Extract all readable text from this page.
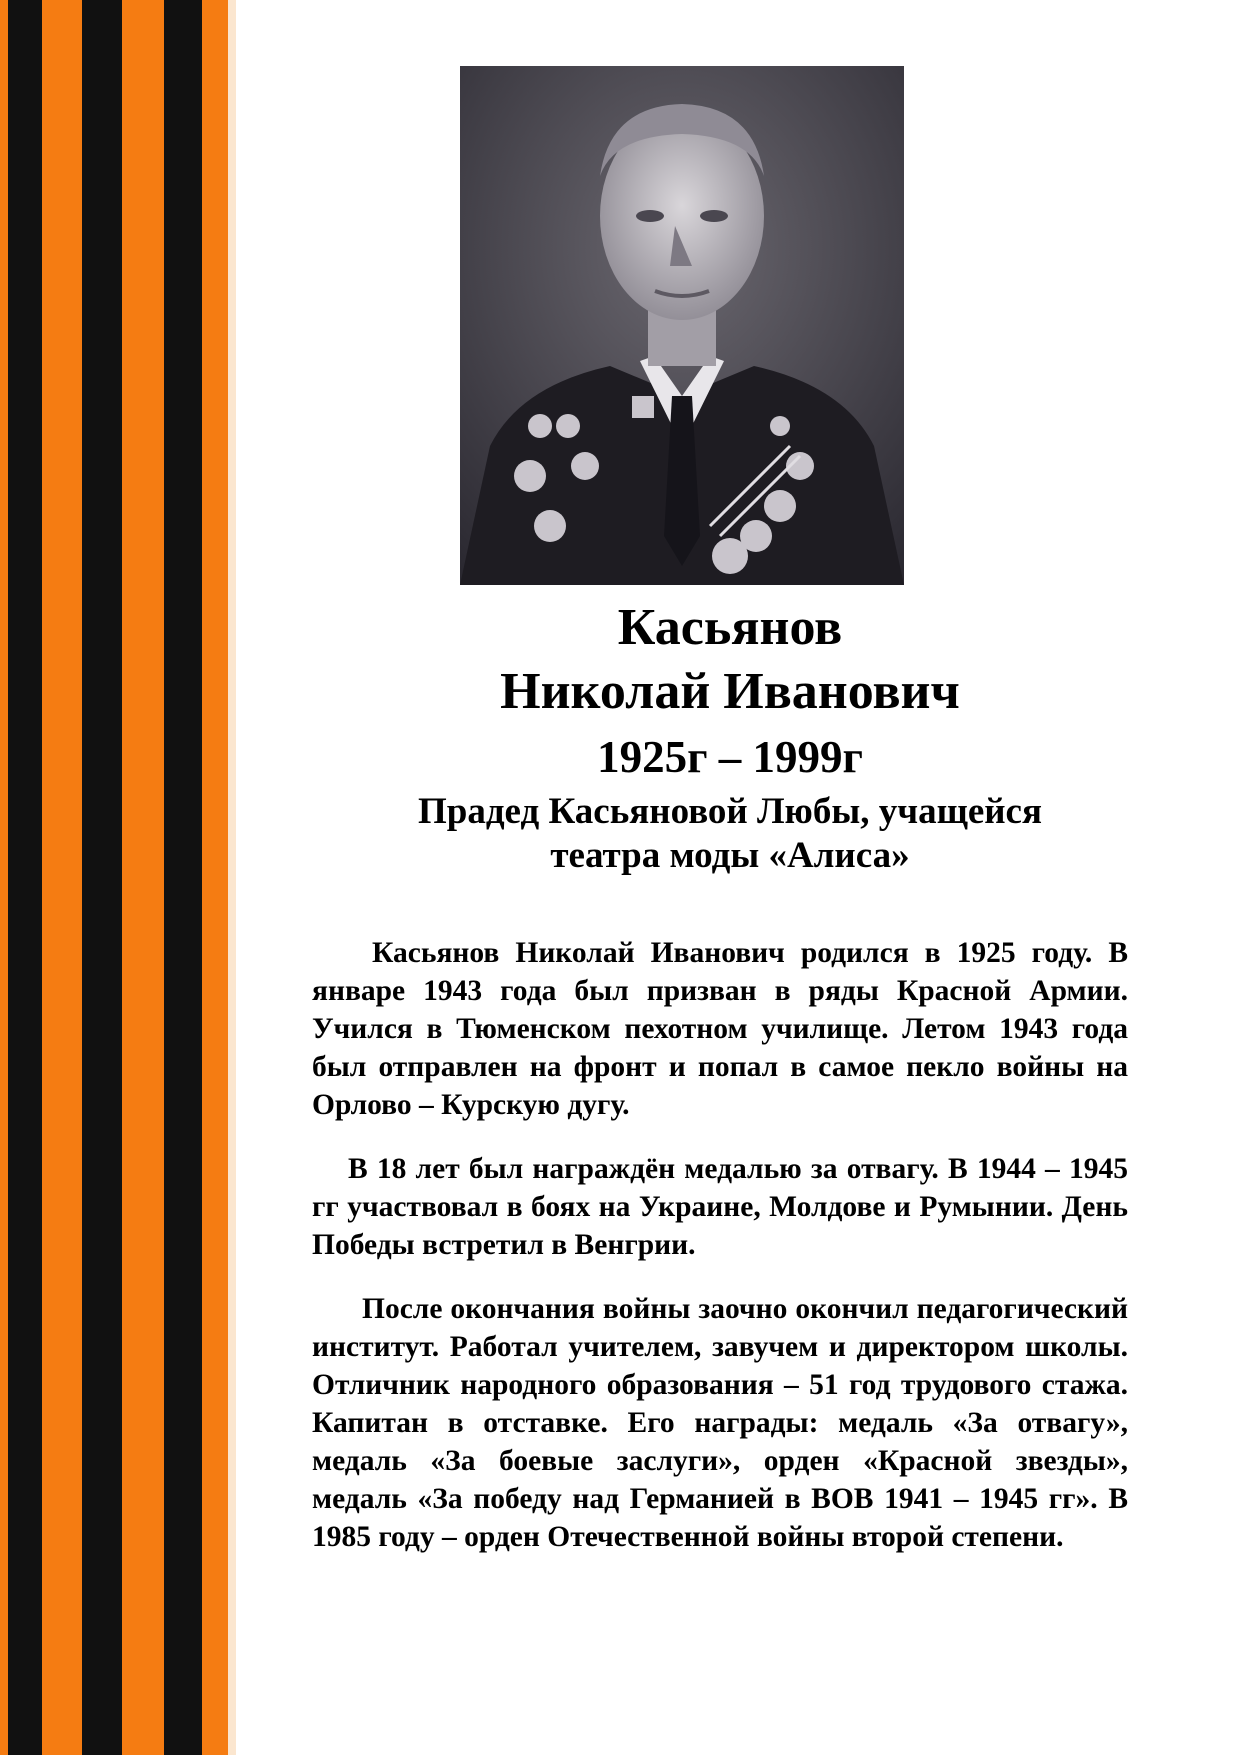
Касьянов
Николай Иванович
1925г – 1999г
Прадед Касьяновой Любы, учащейся
театра моды «Алиса»

Касьянов Николай Иванович родился в 1925 году. В январе 1943 года был призван в ряды Красной Армии. Учился в Тюменском пехотном училище. Летом 1943 года был отправлен на фронт и попал в самое пекло войны на Орлово – Курскую дугу.

В 18 лет был награждён медалью за отвагу. В 1944 – 1945 гг участвовал в боях на Украине, Молдове и Румынии. День Победы встретил в Венгрии.

После окончания войны заочно окончил педагогический институт. Работал учителем, завучем и директором школы. Отличник народного образования – 51 год трудового стажа. Капитан в отставке. Его награды: медаль «За отвагу», медаль «За боевые заслуги», орден «Красной звезды», медаль «За победу над Германией в ВОВ 1941 – 1945 гг». В 1985 году – орден Отечественной войны второй степени.
